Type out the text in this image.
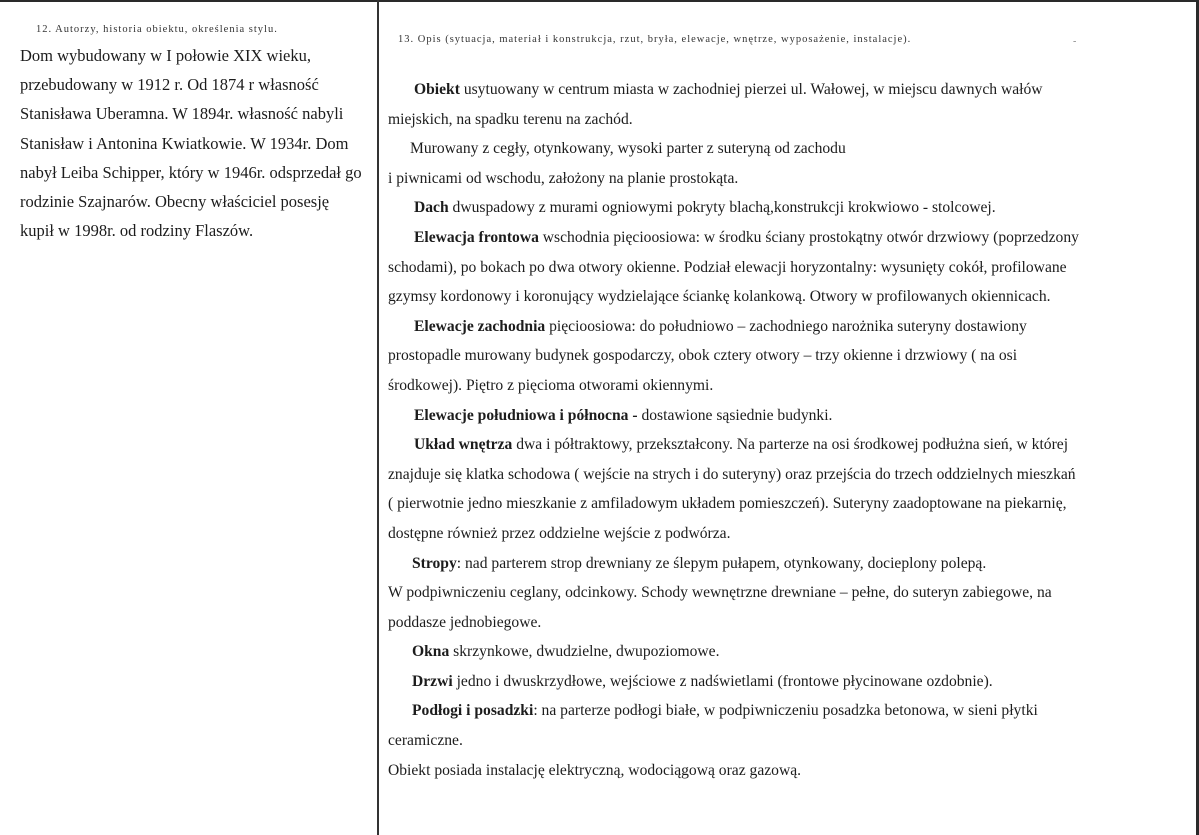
12. Autorzy, historia obiektu, określenia stylu.

Dom wybudowany w I połowie XIX wieku,

przebudowany w 1912 r. Od 1874 r własność

Stanisława Uberamna. W 1894r. własność nabyli

Stanisław i Antonina Kwiatkowie. W 1934r. Dom

nabył Leiba Schipper, który w 1946r. odsprzedał go

rodzinie Szajnarów. Obecny właściciel posesję

kupił w 1998r. od rodziny Flaszów.

13. Opis (sytuacja, materiał i konstrukcja, rzut, bryła, elewacje, wnętrze, wyposażenie, instalacje).	-

Obiekt usytuowany w centrum miasta w zachodniej pierzei ul. Wałowej, w miejscu dawnych wałów

miejskich, na spadku terenu na zachód.

Murowany z cegły, otynkowany, wysoki parter z suteryną od zachodu

i piwnicami od wschodu, założony na planie prostokąta.

Dach dwuspadowy z murami ogniowymi pokryty blachą,konstrukcji krokwiowo - stolcowej.

Elewacja frontowa wschodnia pięcioosiowa: w środku ściany prostokątny otwór drzwiowy (poprzedzony

schodami), po bokach po dwa otwory okienne. Podział elewacji horyzontalny: wysunięty cokół, profilowane

gzymsy kordonowy i koronujący wydzielające ściankę kolankową. Otwory w profilowanych okiennicach.

Elewacje zachodnia pięcioosiowa: do południowo – zachodniego narożnika suteryny dostawiony

prostopadle murowany budynek gospodarczy, obok cztery otwory – trzy okienne i drzwiowy ( na osi

środkowej). Piętro z pięcioma otworami okiennymi.

Elewacje południowa i północna - dostawione sąsiednie budynki.

Układ wnętrza dwa i półtraktowy, przekształcony. Na parterze na osi środkowej podłużna sień, w której

znajduje się klatka schodowa ( wejście na strych i do suteryny) oraz przejścia do trzech oddzielnych mieszkań

( pierwotnie jedno mieszkanie z amfiladowym układem pomieszczeń). Suteryny zaadoptowane na piekarnię,

dostępne również przez oddzielne wejście z podwórza.

Stropy: nad parterem strop drewniany ze ślepym pułapem, otynkowany, docieplony polepą.

W podpiwniczeniu ceglany, odcinkowy. Schody wewnętrzne drewniane – pełne, do suteryn zabiegowe, na

poddasze jednobiegowe.

Okna skrzynkowe, dwudzielne, dwupoziomowe.

Drzwi jedno i dwuskrzydłowe, wejściowe z nadświetlami (frontowe płycinowane ozdobnie).

Podłogi i posadzki: na parterze podłogi białe, w podpiwniczeniu posadzka betonowa, w sieni płytki

ceramiczne.

Obiekt posiada instalację elektryczną, wodociągową oraz gazową.
